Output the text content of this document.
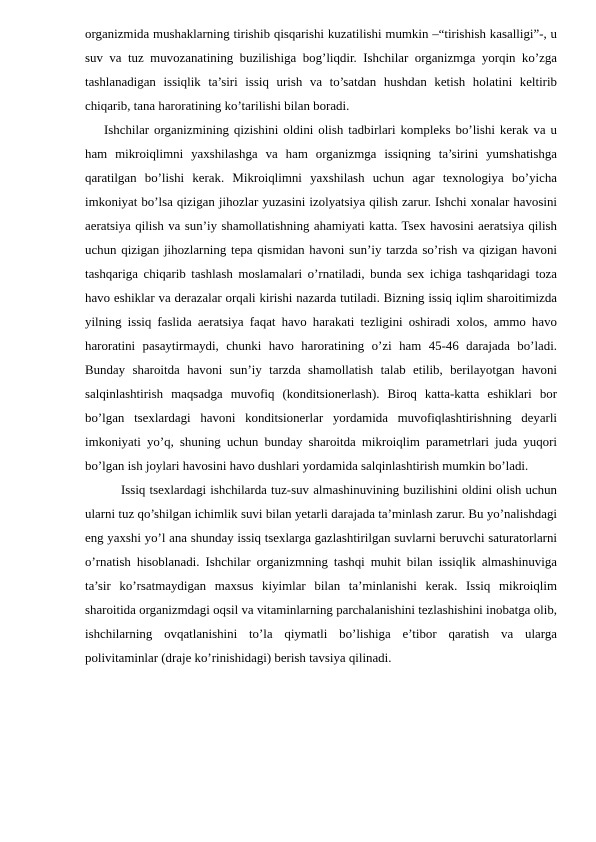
organizmida mushaklarning tirishib qisqarishi kuzatilishi mumkin –“tirishish kasalligi”-, u suv va tuz muvozanatining buzilishiga bog’liqdir. Ishchilar organizmga yorqin ko’zga tashlanadigan issiqlik ta’siri issiq urish va to’satdan hushdan ketish holatini keltirib chiqarib, tana haroratining ko’tarilishi bilan boradi.

Ishchilar organizmining qizishini oldini olish tadbirlari kompleks bo’lishi kerak va u ham mikroiqlimni yaxshilashga va ham organizmga issiqning ta’sirini yumshatishga qaratilgan bo’lishi kerak. Mikroiqlimni yaxshilash uchun agar texnologiya bo’yicha imkoniyat bo’lsa qizigan jihozlar yuzasini izolyatsiya qilish zarur. Ishchi xonalar havosini aeratsiya qilish va sun’iy shamollatishning ahamiyati katta. Tsex havosini aeratsiya qilish uchun qizigan jihozlarning tepa qismidan havoni sun’iy tarzda so’rish va qizigan havoni tashqariga chiqarib tashlash moslamalari o’rnatiladi, bunda sex ichiga tashqaridagi toza havo eshiklar va derazalar orqali kirishi nazarda tutiladi. Bizning issiq iqlim sharoitimizda yilning issiq faslida aeratsiya faqat havo harakati tezligini oshiradi xolos, ammo havo haroratini pasaytirmaydi, chunki havo haroratining o’zi ham 45-46 darajada bo’ladi. Bunday sharoitda havoni sun’iy tarzda shamollatish talab etilib, berilayotgan havoni salqinlashtirish maqsadga muvofiq (konditsionerlash). Biroq katta-katta eshiklari bor bo’lgan tsexlardagi havoni konditsionerlar yordamida muvofiqlashtirishning deyarli imkoniyati yo’q, shuning uchun bunday sharoitda mikroiqlim parametrlari juda yuqori bo’lgan ish joylari havosini havo dushlari yordamida salqinlashtirish mumkin bo’ladi.

Issiq tsexlardagi ishchilarda tuz-suv almashinuvining buzilishini oldini olish uchun ularni tuz qo’shilgan ichimlik suvi bilan yetarli darajada ta’minlash zarur. Bu yo’nalishdagi eng yaxshi yo’l ana shunday issiq tsexlarga gazlashtirilgan suvlarni beruvchi saturatorlarni o’rnatish hisoblanadi. Ishchilar organizmning tashqi muhit bilan issiqlik almashinuviga ta’sir ko’rsatmaydigan maxsus kiyimlar bilan ta’minlanishi kerak. Issiq mikroiqlim sharoitida organizmdagi oqsil va vitaminlarning parchalanishini tezlashishini inobatga olib, ishchilarning ovqatlanishini to’la qiymatli bo’lishiga e’tibor qaratish va ularga polivitaminlar (draje ko’rinishidagi) berish tavsiya qilinadi.
